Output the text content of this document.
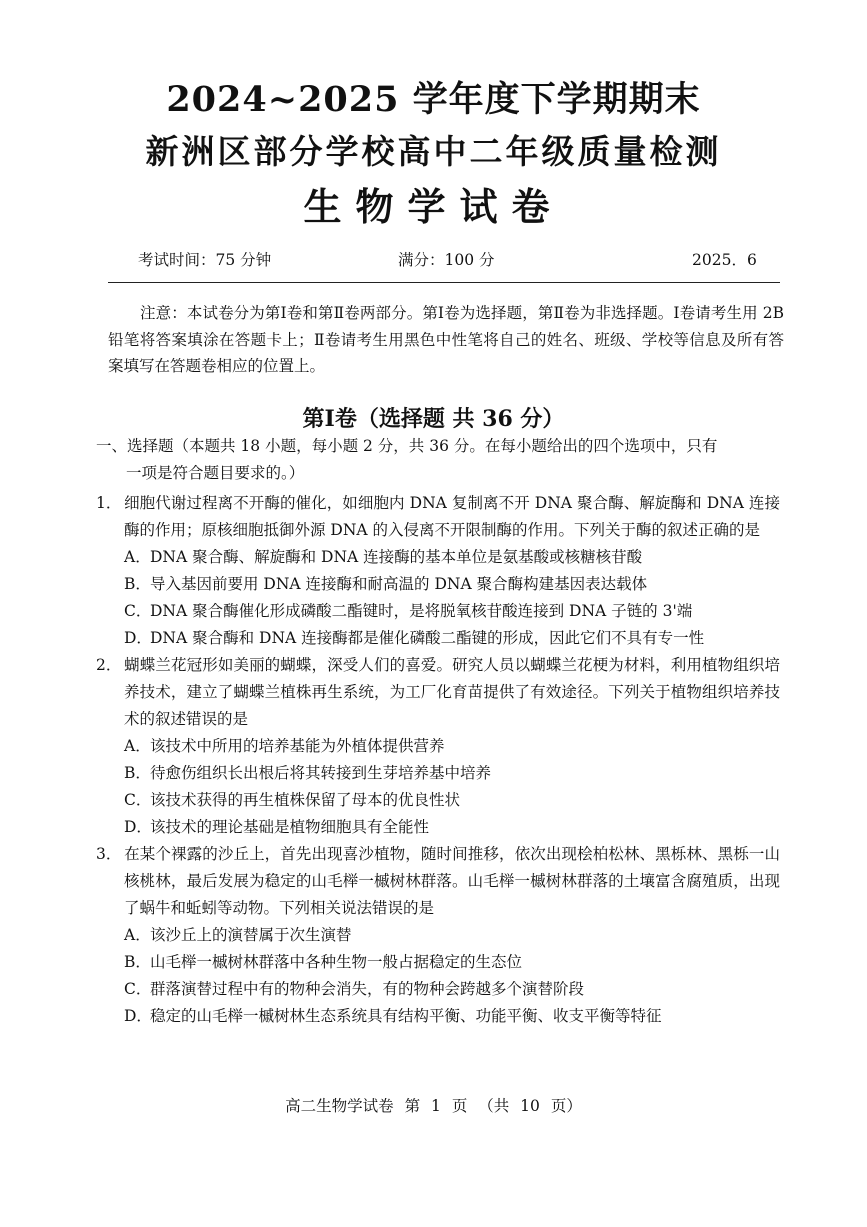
2024~2025 学年度下学期期末
新洲区部分学校高中二年级质量检测
生物学试卷
考试时间：75 分钟	满分：100 分	2025．6
注意：本试卷分为第Ⅰ卷和第Ⅱ卷两部分。第Ⅰ卷为选择题，第Ⅱ卷为非选择题。Ⅰ卷请考生用 2B 铅笔将答案填涂在答题卡上；Ⅱ卷请考生用黑色中性笔将自己的姓名、班级、学校等信息及所有答案填写在答题卷相应的位置上。
第Ⅰ卷（选择题 共 36 分）
一、选择题（本题共 18 小题，每小题 2 分，共 36 分。在每小题给出的四个选项中，只有
一项是符合题目要求的。）
1． 细胞代谢过程离不开酶的催化，如细胞内 DNA 复制离不开 DNA 聚合酶、解旋酶和 DNA 连接酶的作用；原核细胞抵御外源 DNA 的入侵离不开限制酶的作用。下列关于酶的叙述正确的是
A．DNA 聚合酶、解旋酶和 DNA 连接酶的基本单位是氨基酸或核糖核苷酸
B．导入基因前要用 DNA 连接酶和耐高温的 DNA 聚合酶构建基因表达载体
C．DNA 聚合酶催化形成磷酸二酯键时，是将脱氧核苷酸连接到 DNA 子链的 3'端
D．DNA 聚合酶和 DNA 连接酶都是催化磷酸二酯键的形成，因此它们不具有专一性
2． 蝴蝶兰花冠形如美丽的蝴蝶，深受人们的喜爱。研究人员以蝴蝶兰花梗为材料，利用植物组织培养技术，建立了蝴蝶兰植株再生系统，为工厂化育苗提供了有效途径。下列关于植物组织培养技术的叙述错误的是
A．该技术中所用的培养基能为外植体提供营养
B．待愈伤组织长出根后将其转接到生芽培养基中培养
C．该技术获得的再生植株保留了母本的优良性状
D．该技术的理论基础是植物细胞具有全能性
3． 在某个裸露的沙丘上，首先出现喜沙植物，随时间推移，依次出现桧柏松林、黑栎林、黑栎一山核桃林，最后发展为稳定的山毛榉一槭树林群落。山毛榉一槭树林群落的土壤富含腐殖质，出现了蜗牛和蚯蚓等动物。下列相关说法错误的是
A．该沙丘上的演替属于次生演替
B．山毛榉一槭树林群落中各种生物一般占据稳定的生态位
C．群落演替过程中有的物种会消失，有的物种会跨越多个演替阶段
D．稳定的山毛榉一槭树林生态系统具有结构平衡、功能平衡、收支平衡等特征
高二生物学试卷 第 1 页 （共 10 页）
